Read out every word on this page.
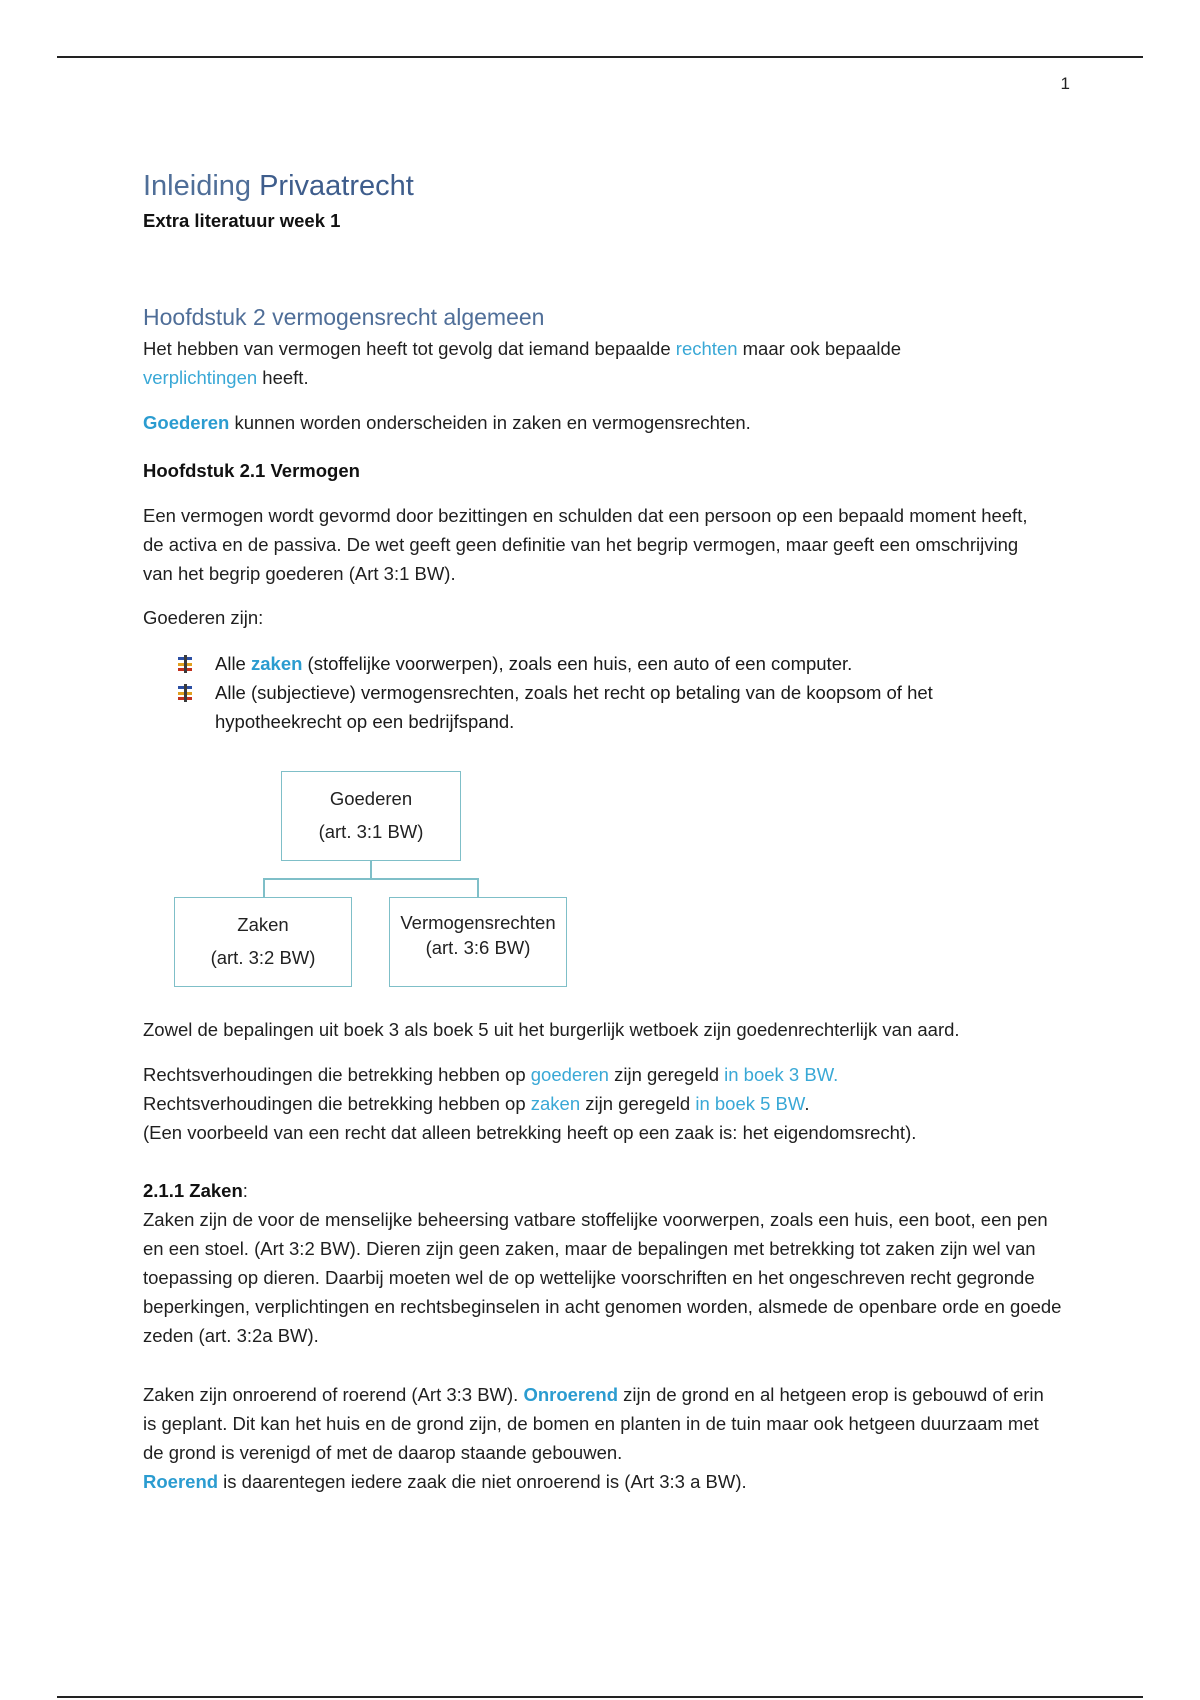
1
Inleiding Privaatrecht
Extra literatuur week 1
Hoofdstuk 2 vermogensrecht algemeen
Het hebben van vermogen heeft tot gevolg dat iemand bepaalde rechten maar ook bepaalde
verplichtingen heeft.
Goederen kunnen worden onderscheiden in zaken en vermogensrechten.
Hoofdstuk 2.1 Vermogen
Een vermogen wordt gevormd door bezittingen en schulden dat een persoon op een bepaald moment heeft, de activa en de passiva. De wet geeft geen definitie van het begrip vermogen, maar geeft een omschrijving van het begrip goederen (Art 3:1 BW).
Goederen zijn:
Alle zaken (stoffelijke voorwerpen), zoals een huis, een auto of een computer.
Alle (subjectieve) vermogensrechten, zoals het recht op betaling van de koopsom of het hypotheekrecht op een bedrijfspand.
Goederen
(art. 3:1 BW)
Zaken
(art. 3:2 BW)
Vermogensrechten
(art. 3:6 BW)
Zowel de bepalingen uit boek 3 als boek 5 uit het burgerlijk wetboek zijn goedenrechterlijk van aard.
Rechtsverhoudingen die betrekking hebben op goederen zijn geregeld in boek 3 BW.
Rechtsverhoudingen die betrekking hebben op zaken zijn geregeld in boek 5 BW.
(Een voorbeeld van een recht dat alleen betrekking heeft op een zaak is: het eigendomsrecht).
2.1.1 Zaken:
Zaken zijn de voor de menselijke beheersing vatbare stoffelijke voorwerpen, zoals een huis, een boot, een pen en een stoel. (Art 3:2 BW). Dieren zijn geen zaken, maar de bepalingen met betrekking tot zaken zijn wel van toepassing op dieren. Daarbij moeten wel de op wettelijke voorschriften en het ongeschreven recht gegronde beperkingen, verplichtingen en rechtsbeginselen in acht genomen worden, alsmede de openbare orde en goede zeden (art. 3:2a BW).
Zaken zijn onroerend of roerend (Art 3:3 BW). Onroerend zijn de grond en al hetgeen erop is gebouwd of erin is geplant. Dit kan het huis en de grond zijn, de bomen en planten in de tuin maar ook hetgeen duurzaam met de grond is verenigd of met de daarop staande gebouwen.
Roerend is daarentegen iedere zaak die niet onroerend is (Art 3:3 a BW).
